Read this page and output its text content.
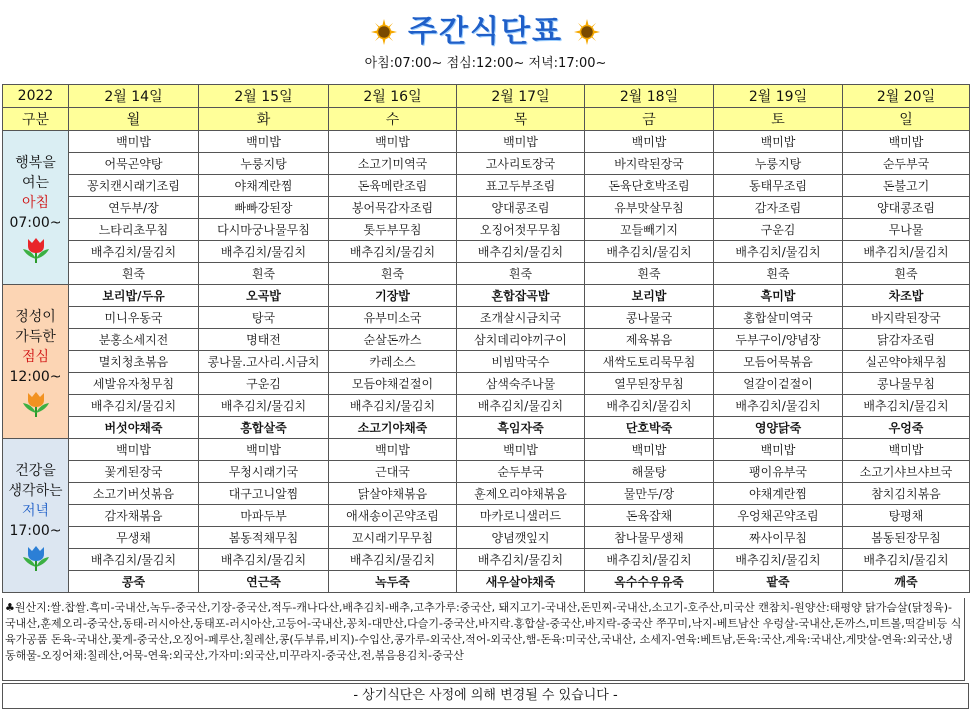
주간식단표
아침:07:00~ 점심:12:00~ 저녁:17:00~
2022	2월 14일	2월 15일	2월 16일	2월 17일	2월 18일	2월 19일	2월 20일
구분	월	화	수	목	금	토	일

행복을
여는
아침
07:00~	백미밥	백미밥	백미밥	백미밥	백미밥	백미밥	백미밥
	어묵곤약탕	누룽지탕	소고기미역국	고사리토장국	바지락된장국	누룽지탕	순두부국
	꽁치캔시래기조림	야채계란찜	돈육메란조림	표고두부조림	돈육단호박조림	동태무조림	돈불고기
	연두부/장	빠빠강된장	봉어묵감자조림	양대콩조림	유부맛살무침	감자조림	양대콩조림
	느타리초무침	다시마궁나물무침	톳두부무침	오징어젓무무침	꼬들빼기지	구운김	무나물
	배추김치/물김치	배추김치/물김치	배추김치/물김치	배추김치/물김치	배추김치/물김치	배추김치/물김치	배추김치/물김치
	흰죽	흰죽	흰죽	흰죽	흰죽	흰죽	흰죽

정성이
가득한
점심
12:00~	보리밥/두유	오곡밥	기장밥	혼합잡곡밥	보리밥	흑미밥	차조밥
	미니우동국	탕국	유부미소국	조개살시금치국	콩나물국	홍합살미역국	바지락된장국
	분홍소세지전	명태전	순살돈까스	삼치데리야끼구이	제육볶음	두부구이/양념장	닭감자조림
	멸치청초볶음	콩나물.고사리.시금치	카레소스	비빔막국수	새싹도토리묵무침	모듬어묵볶음	실곤약야채무침
	세발유자청무침	구운김	모듬야채겉절이	삼색숙주나물	열무된장무침	얼갈이겉절이	콩나물무침
	배추김치/물김치	배추김치/물김치	배추김치/물김치	배추김치/물김치	배추김치/물김치	배추김치/물김치	배추김치/물김치
	버섯야채죽	흥합살죽	소고기야채죽	흑임자죽	단호박죽	영양닭죽	우엉죽

건강을
생각하는
저녁
17:00~	백미밥	백미밥	백미밥	백미밥	백미밥	백미밥	백미밥
	꽃게된장국	무청시래기국	근대국	순두부국	해물탕	팽이유부국	소고기샤브샤브국
	소고기버섯볶음	대구고니알찜	닭살야채볶음	훈제오리야채볶음	물만두/장	야채계란찜	참치김치볶음
	감자채볶음	마파두부	애새송이곤약조림	마카로니샐러드	돈육잡채	우엉채곤약조림	탕평채
	무생채	봄동적채무침	꼬시래기무무침	양념깻잎지	참나물무생채	짜사이무침	봄동된장무침
	배추김치/물김치	배추김치/물김치	배추김치/물김치	배추김치/물김치	배추김치/물김치	배추김치/물김치	배추김치/물김치
	콩죽	연근죽	녹두죽	새우살야채죽	옥수수우유죽	팥죽	깨죽
♣원산지:쌀.찹쌀.흑미-국내산,녹두-중국산,기장-중국산,적두-캐나다산,배추김치-배추,고추가루:중국산, 돼지고기-국내산,돈민찌-국내산,소고기-호주산,미국산 캔참치-원양산:태평양 닭가슴살(닭정육)-국내산,훈제오리-중국산,동태-러시아산,동태포-러시아산,고등어-국내산,꽁치-대만산,다슬기-중국산,바지락.홍합살-중국산,바지락-중국산 쭈꾸미,낙지-베트남산 우렁살-국내산,돈까스,미트볼,떡갈비등 식육가공품 돈육-국내산,꽃게-중국산,오징어-페루산,칠레산,콩(두부류,비지)-수입산,콩가루-외국산,적어-외국산,햄-돈육:미국산,국내산, 소세지-연육:베트남,돈육:국산,계육:국내산,게맛살-연육:외국산,냉동해물-오징어채:칠레산,어묵-연육:외국산,가자미:외국산,미꾸라지-중국산,전,볶음용김치-중국산
- 상기식단은 사정에 의해 변경될 수 있습니다 -
